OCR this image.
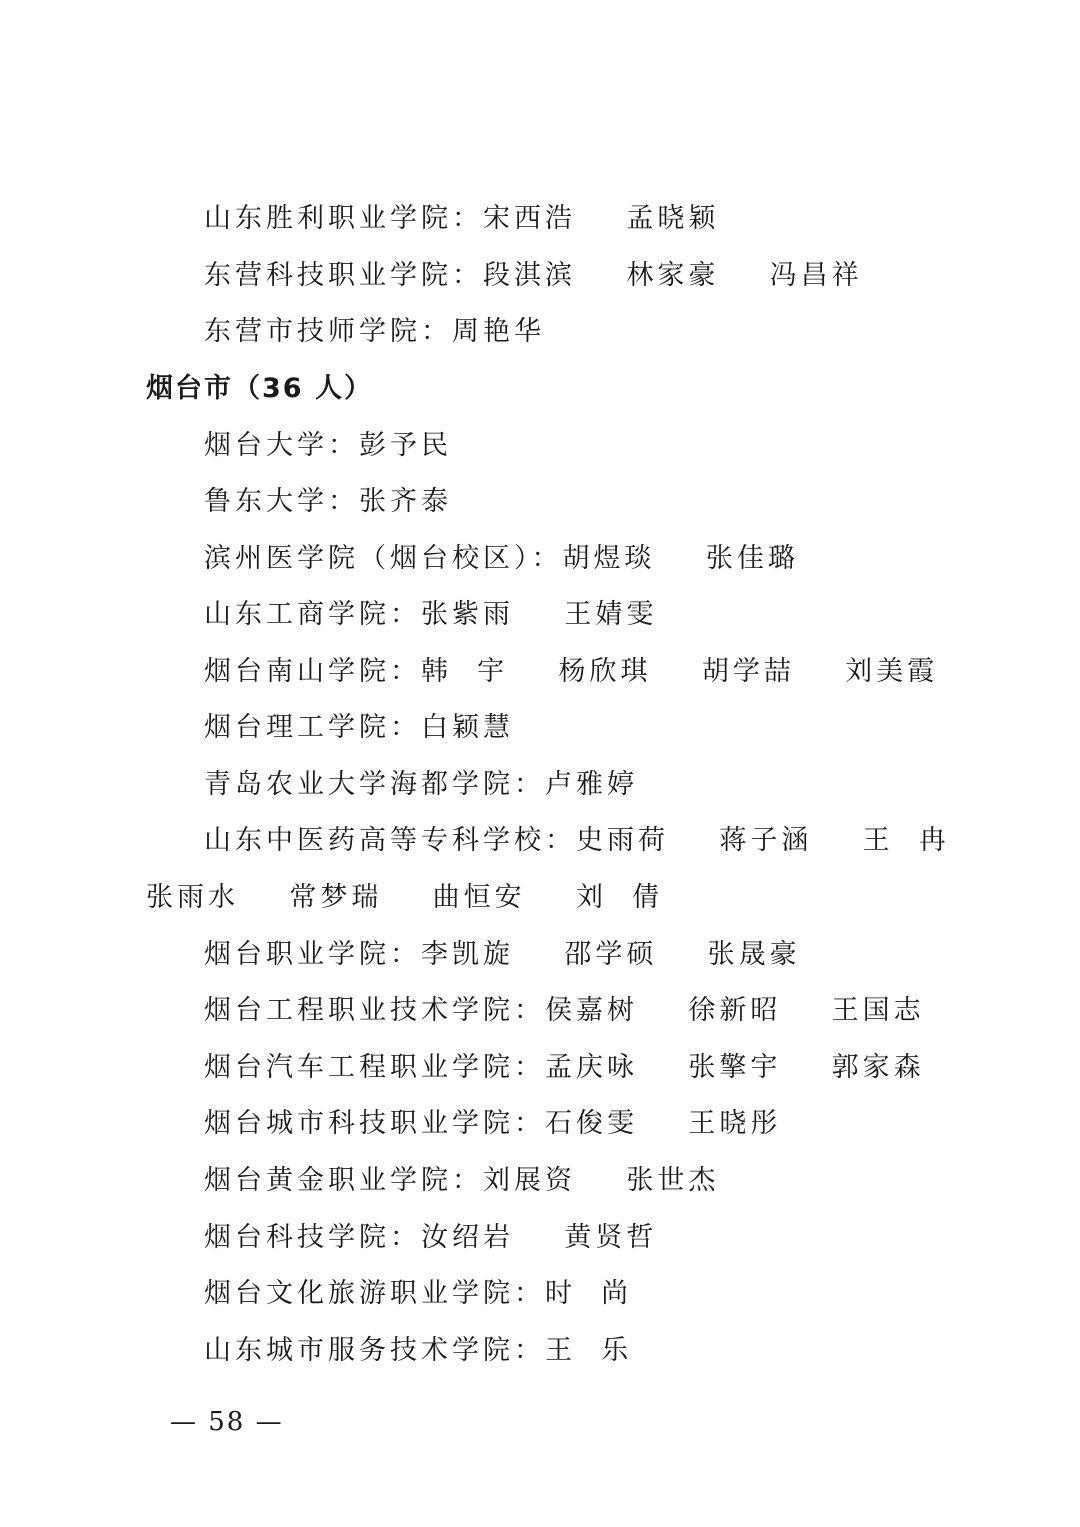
山东胜利职业学院：宋西浩    孟晓颖
东营科技职业学院：段淇滨    林家豪    冯昌祥
东营市技师学院：周艳华
烟台市（36 人）
烟台大学：彭予民
鲁东大学：张齐泰
滨州医学院（烟台校区）：胡煜琰    张佳璐
山东工商学院：张紫雨    王婧雯
烟台南山学院：韩  宇    杨欣琪    胡学喆    刘美霞
烟台理工学院：白颖慧
青岛农业大学海都学院：卢雅婷
山东中医药高等专科学校：史雨荷    蒋子涵    王  冉
张雨水    常梦瑞    曲恒安    刘  倩
烟台职业学院：李凯旋    邵学硕    张晟豪
烟台工程职业技术学院：侯嘉树    徐新昭    王国志
烟台汽车工程职业学院：孟庆咏    张擎宇    郭家森
烟台城市科技职业学院：石俊雯    王晓彤
烟台黄金职业学院：刘展资    张世杰
烟台科技学院：汝绍岩    黄贤哲
烟台文化旅游职业学院：时  尚
山东城市服务技术学院：王  乐
— 58 —
